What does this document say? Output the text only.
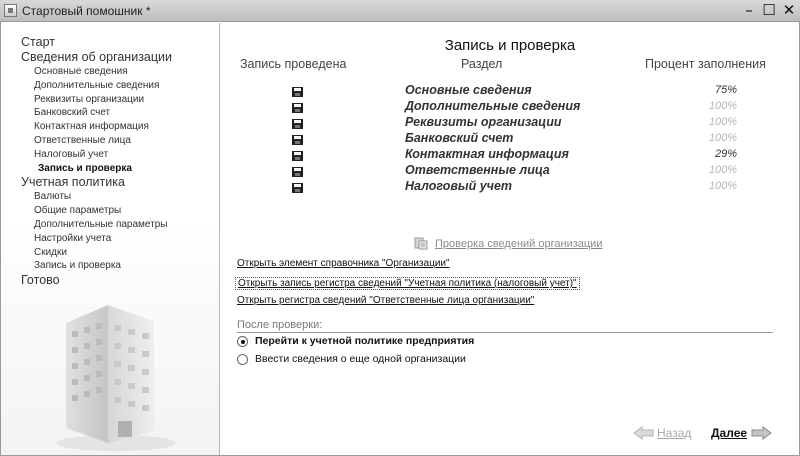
Стартовый помошник *	– ☐ ✕
Старт
Сведения об организации
Основные сведения
Дополнительные сведения
Реквизиты организации
Банковский счет
Контактная информация
Ответственные лица
Налоговый учет
Запись и проверка
Учетная политика
Валюты
Общие параметры
Дополнительные параметры
Настройки учета
Скидки
Запись и проверка
Готово
Запись и проверка
Запись проведена	Раздел	Процент заполнения
Основные сведения	75%
Дополнительные сведения	100%
Реквизиты организации	100%
Банковский счет	100%
Контактная информация	29%
Ответственные лица	100%
Налоговый учет	100%
Проверка сведений организации
Открыть элемент справочника "Организации"
Открыть запись регистра сведений "Учетная политика (налоговый учет)"
Открыть регистра сведений "Ответственные лица организации"
После проверки:
Перейти к учетной политике предприятия
Ввести сведения о еще одной организации
Назад Далее
